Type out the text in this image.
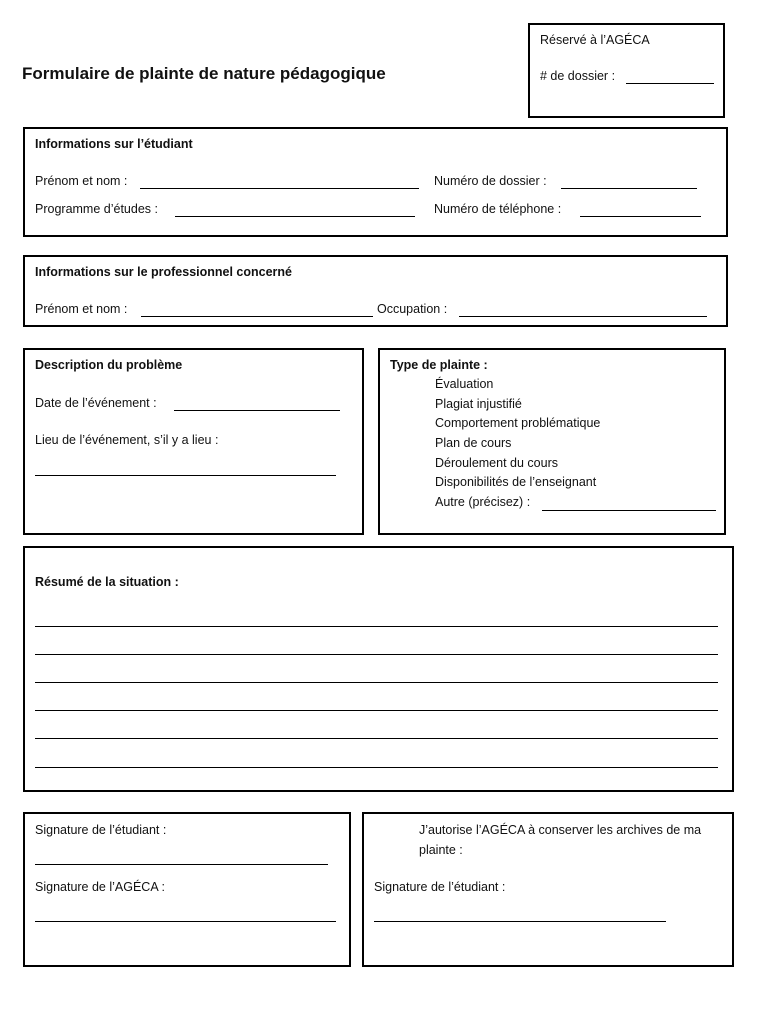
Formulaire de plainte de nature pédagogique
Réservé à l’AGÉCA
# de dossier :
Informations sur l’étudiant
Prénom et nom :	Numéro de dossier :
Programme d’études :	Numéro de téléphone :
Informations sur le professionnel concerné
Prénom et nom :	Occupation :
Description du problème
Date de l’événement :
Lieu de l’événement, s’il y a lieu :
Type de plainte :
Évaluation
Plagiat injustifié
Comportement problématique
Plan de cours
Déroulement du cours
Disponibilités de l’enseignant
Autre (précisez) :
Résumé de la situation :
Signature de l’étudiant :
Signature de l’AGÉCA :
J’autorise l’AGÉCA à conserver les archives de ma
plainte :
Signature de l’étudiant :
